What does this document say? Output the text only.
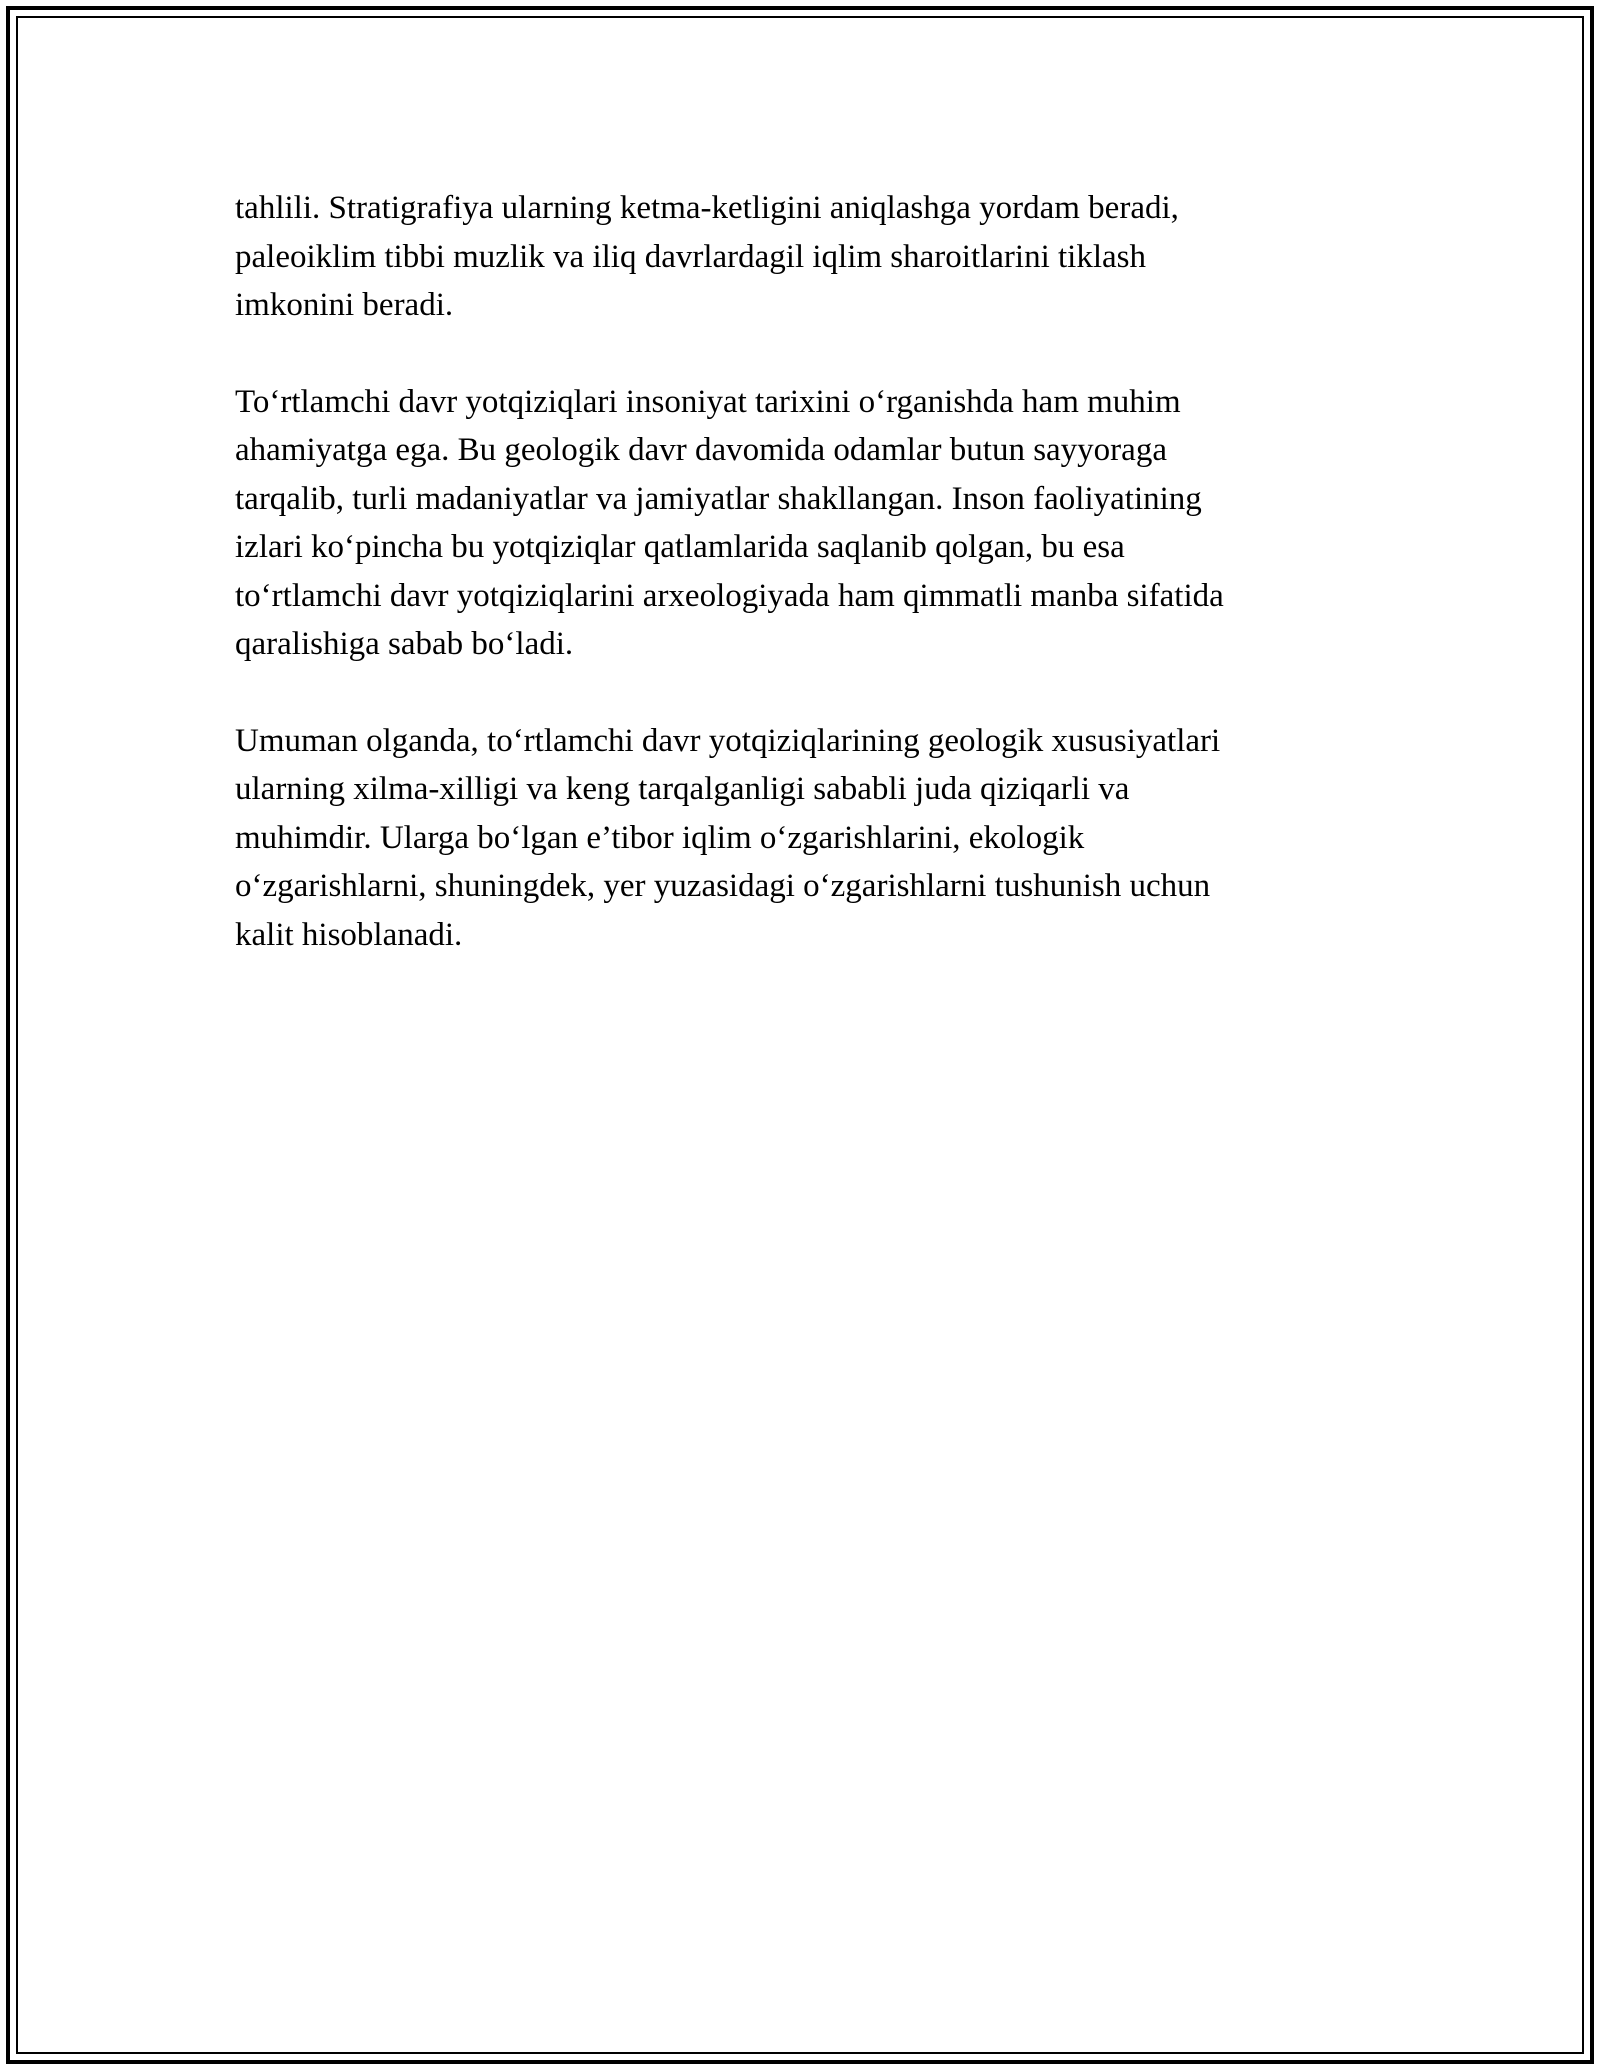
tahlili. Stratigrafiya ularning ketma-ketligini aniqlashga yordam beradi,
paleoiklim tibbi muzlik va iliq davrlardagil iqlim sharoitlarini tiklash
imkonini beradi.

To‘rtlamchi davr yotqiziqlari insoniyat tarixini o‘rganishda ham muhim
ahamiyatga ega. Bu geologik davr davomida odamlar butun sayyoraga
tarqalib, turli madaniyatlar va jamiyatlar shakllangan. Inson faoliyatining
izlari ko‘pincha bu yotqiziqlar qatlamlarida saqlanib qolgan, bu esa
to‘rtlamchi davr yotqiziqlarini arxeologiyada ham qimmatli manba sifatida
qaralishiga sabab bo‘ladi.

Umuman olganda, to‘rtlamchi davr yotqiziqlarining geologik xususiyatlari
ularning xilma-xilligi va keng tarqalganligi sababli juda qiziqarli va
muhimdir. Ularga bo‘lgan e’tibor iqlim o‘zgarishlarini, ekologik
o‘zgarishlarni, shuningdek, yer yuzasidagi o‘zgarishlarni tushunish uchun
kalit hisoblanadi.
